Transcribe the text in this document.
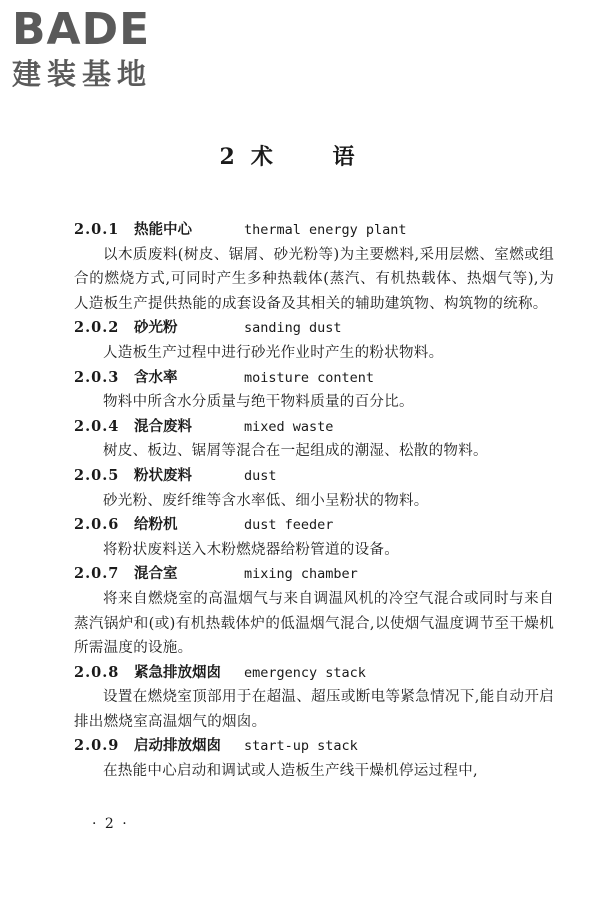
BADE
建装基地
2 术 语
2.0.1 热能中心	thermal energy plant
以木质废料(树皮、锯屑、砂光粉等)为主要燃料,采用层燃、室燃或组合的燃烧方式,可同时产生多种热载体(蒸汽、有机热载体、热烟气等),为人造板生产提供热能的成套设备及其相关的辅助建筑物、构筑物的统称。
2.0.2 砂光粉	sanding dust
人造板生产过程中进行砂光作业时产生的粉状物料。
2.0.3 含水率	moisture content
物料中所含水分质量与绝干物料质量的百分比。
2.0.4 混合废料	mixed waste
树皮、板边、锯屑等混合在一起组成的潮湿、松散的物料。
2.0.5 粉状废料	dust
砂光粉、废纤维等含水率低、细小呈粉状的物料。
2.0.6 给粉机	dust feeder
将粉状废料送入木粉燃烧器给粉管道的设备。
2.0.7 混合室	mixing chamber
将来自燃烧室的高温烟气与来自调温风机的冷空气混合或同时与来自蒸汽锅炉和(或)有机热载体炉的低温烟气混合,以使烟气温度调节至干燥机所需温度的设施。
2.0.8 紧急排放烟囱 emergency stack
设置在燃烧室顶部用于在超温、超压或断电等紧急情况下,能自动开启排出燃烧室高温烟气的烟囱。
2.0.9 启动排放烟囱 start-up stack
在热能中心启动和调试或人造板生产线干燥机停运过程中,
· 2 ·
